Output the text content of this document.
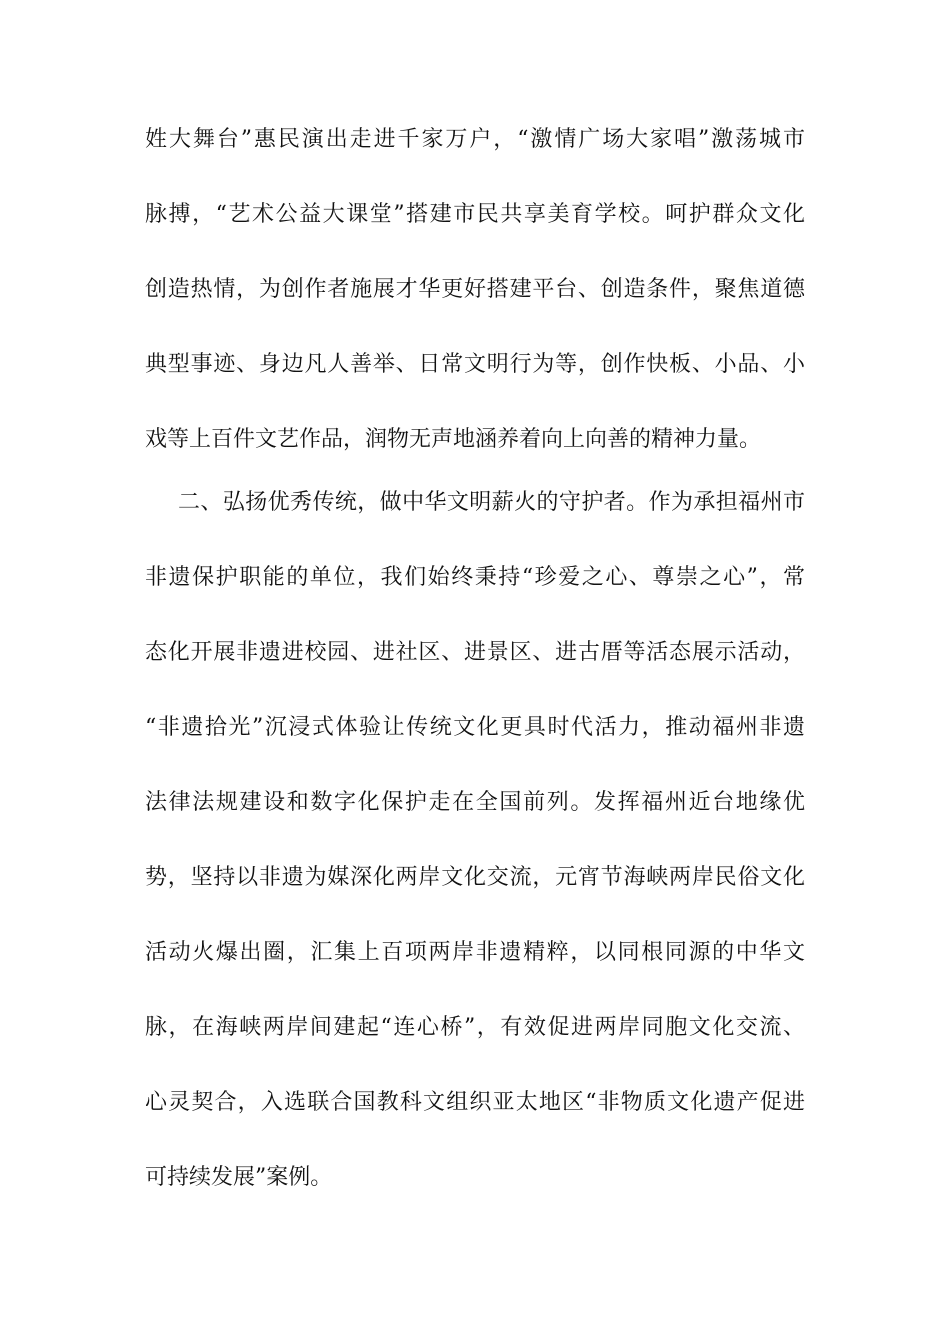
姓大舞台”惠民演出走进千家万户，“激情广场大家唱”激荡城市
脉搏，“艺术公益大课堂”搭建市民共享美育学校。呵护群众文化
创造热情，为创作者施展才华更好搭建平台、创造条件，聚焦道德
典型事迹、身边凡人善举、日常文明行为等，创作快板、小品、小
戏等上百件文艺作品，润物无声地涵养着向上向善的精神力量。
二、弘扬优秀传统，做中华文明薪火的守护者。作为承担福州市
非遗保护职能的单位，我们始终秉持“珍爱之心、尊崇之心”，常
态化开展非遗进校园、进社区、进景区、进古厝等活态展示活动，
“非遗拾光”沉浸式体验让传统文化更具时代活力，推动福州非遗
法律法规建设和数字化保护走在全国前列。发挥福州近台地缘优
势，坚持以非遗为媒深化两岸文化交流，元宵节海峡两岸民俗文化
活动火爆出圈，汇集上百项两岸非遗精粹，以同根同源的中华文
脉，在海峡两岸间建起“连心桥”，有效促进两岸同胞文化交流、
心灵契合，入选联合国教科文组织亚太地区“非物质文化遗产促进
可持续发展”案例。
